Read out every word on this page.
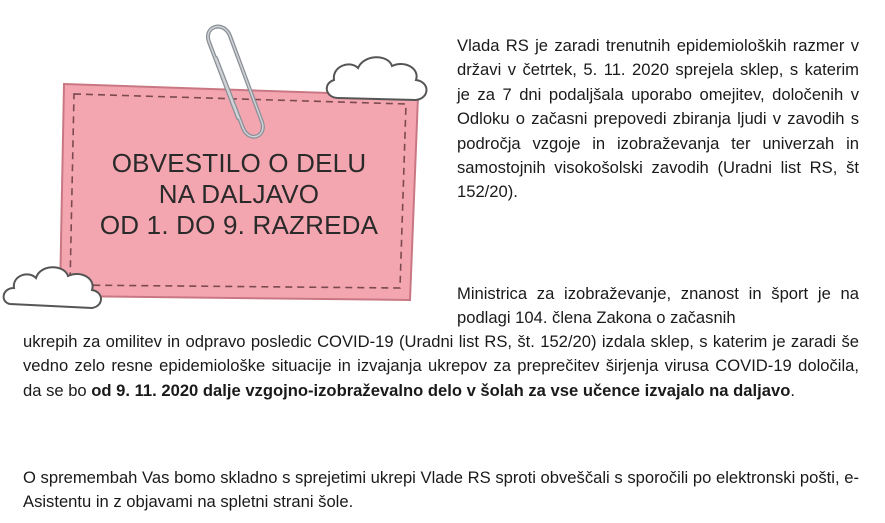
OBVESTILO O DELU
NA DALJAVO
OD 1. DO 9. RAZREDA

Vlada RS je zaradi trenutnih epidemioloških razmer v državi v četrtek, 5. 11. 2020 sprejela sklep, s katerim je za 7 dni podaljšala uporabo omejitev, določenih v Odloku o začasni prepovedi zbiranja ljudi v zavodih s področja vzgoje in izobraževanja ter univerzah in samostojnih visokošolski zavodih (Uradni list RS, št 152/20).

Ministrica za izobraževanje, znanost in šport je na podlagi 104. člena Zakona o začasnih

ukrepih za omilitev in odpravo posledic COVID-19 (Uradni list RS, št. 152/20) izdala sklep, s katerim je zaradi še vedno zelo resne epidemiološke situacije in izvajanja ukrepov za preprečitev širjenja virusa COVID-19 določila, da se bo od 9. 11. 2020 dalje vzgojno-izobraževalno delo v šolah za vse učence izvajalo na daljavo.

O spremembah Vas bomo skladno s sprejetimi ukrepi Vlade RS sproti obveščali s sporočili po elektronski pošti, e-Asistentu in z objavami na spletni strani šole.
